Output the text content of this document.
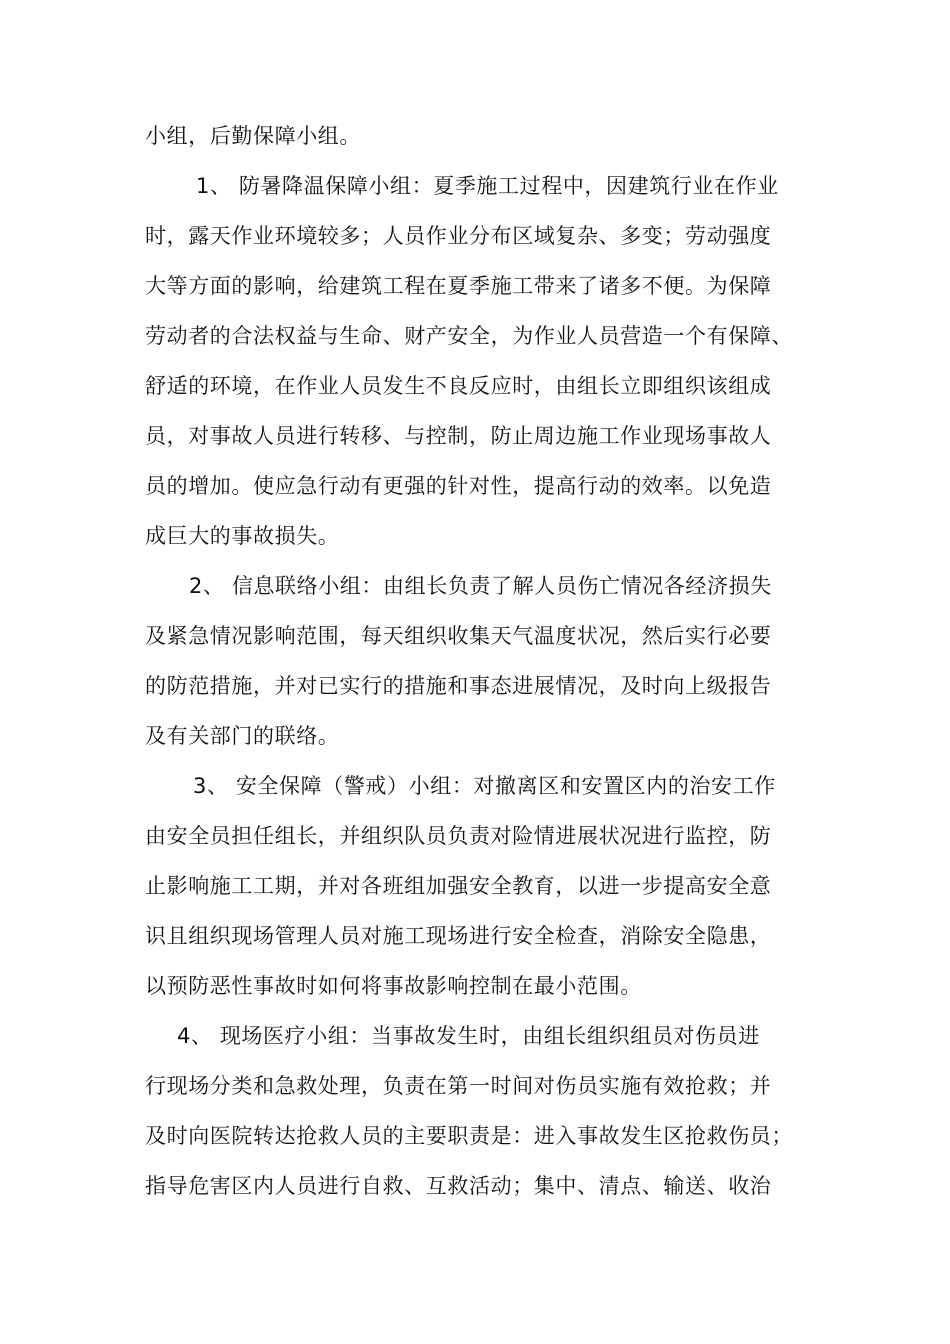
小组，后勤保障小组。
1、 防暑降温保障小组：夏季施工过程中，因建筑行业在作业
时，露天作业环境较多；人员作业分布区域复杂、多变；劳动强度
大等方面的影响，给建筑工程在夏季施工带来了诸多不便。为保障
劳动者的合法权益与生命、财产安全，为作业人员营造一个有保障、
舒适的环境，在作业人员发生不良反应时，由组长立即组织该组成
员，对事故人员进行转移、与控制，防止周边施工作业现场事故人
员的增加。使应急行动有更强的针对性，提高行动的效率。以免造
成巨大的事故损失。
2、 信息联络小组：由组长负责了解人员伤亡情况各经济损失
及紧急情况影响范围，每天组织收集天气温度状况，然后实行必要
的防范措施，并对已实行的措施和事态进展情况，及时向上级报告
及有关部门的联络。
3、 安全保障（警戒）小组：对撤离区和安置区内的治安工作
由安全员担任组长，并组织队员负责对险情进展状况进行监控，防
止影响施工工期，并对各班组加强安全教育，以进一步提高安全意
识且组织现场管理人员对施工现场进行安全检查，消除安全隐患，
以预防恶性事故时如何将事故影响控制在最小范围。
4、 现场医疗小组：当事故发生时，由组长组织组员对伤员进
行现场分类和急救处理，负责在第一时间对伤员实施有效抢救；并
及时向医院转达抢救人员的主要职责是：进入事故发生区抢救伤员；
指导危害区内人员进行自救、互救活动；集中、清点、输送、收治
